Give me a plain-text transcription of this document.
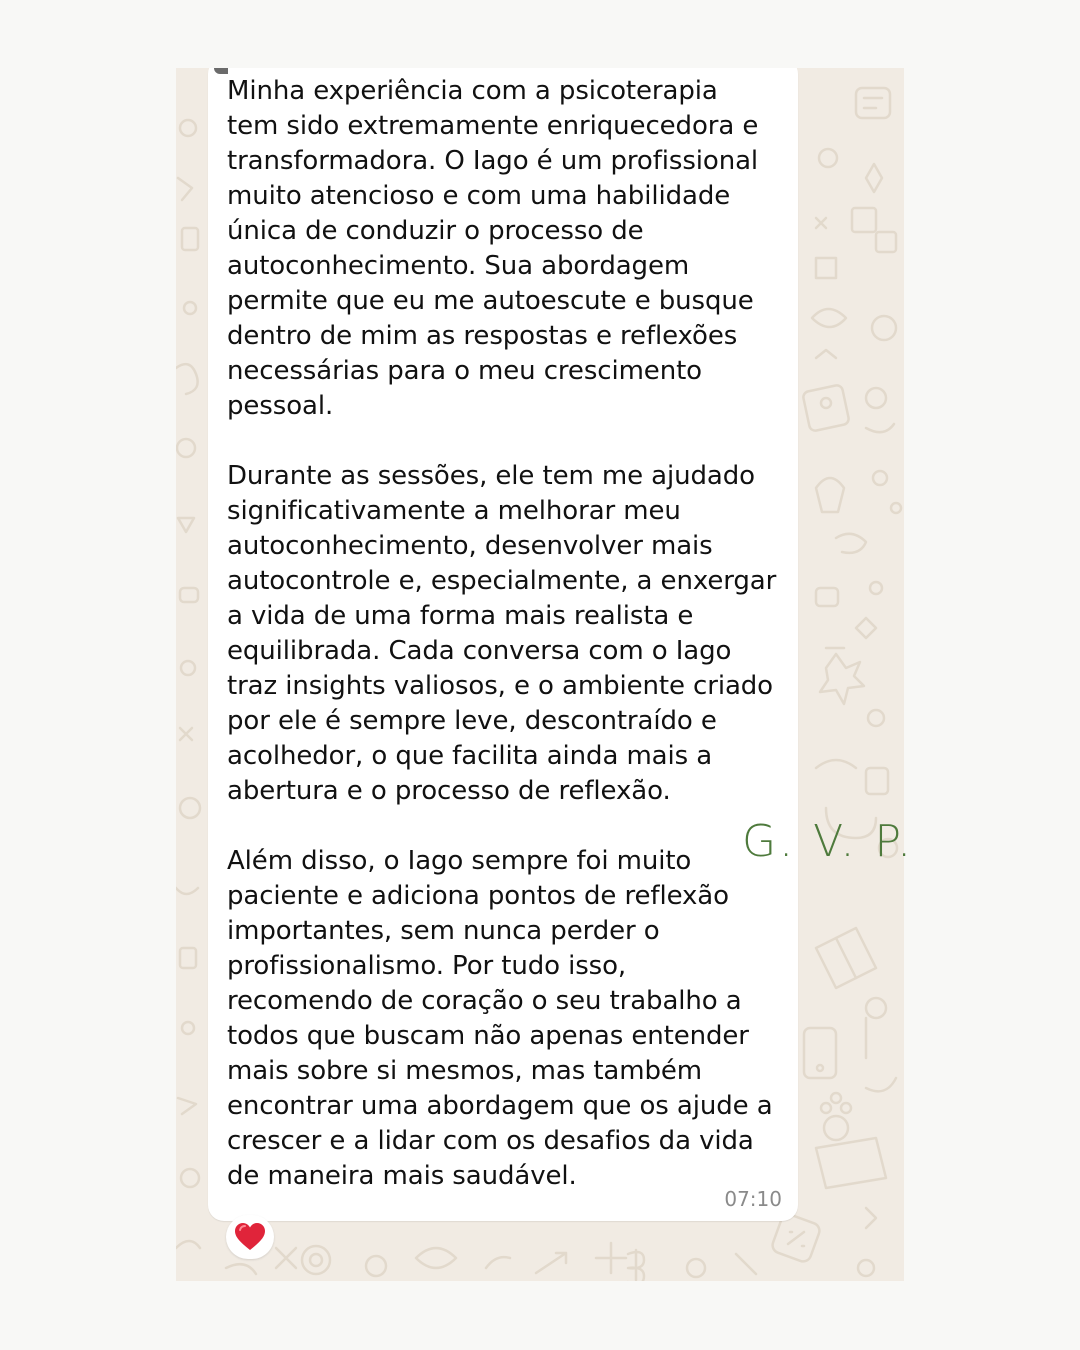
Minha experiência com a psicoterapia
tem sido extremamente enriquecedora e
transformadora. O Iago é um profissional
muito atencioso e com uma habilidade
única de conduzir o processo de
autoconhecimento. Sua abordagem
permite que eu me autoescute e busque
dentro de mim as respostas e reflexões
necessárias para o meu crescimento
pessoal.

Durante as sessões, ele tem me ajudado
significativamente a melhorar meu
autoconhecimento, desenvolver mais
autocontrole e, especialmente, a enxergar
a vida de uma forma mais realista e
equilibrada. Cada conversa com o Iago
traz insights valiosos, e o ambiente criado
por ele é sempre leve, descontraído e
acolhedor, o que facilita ainda mais a
abertura e o processo de reflexão.

Além disso, o Iago sempre foi muito
paciente e adiciona pontos de reflexão
importantes, sem nunca perder o
profissionalismo. Por tudo isso,
recomendo de coração o seu trabalho a
todos que buscam não apenas entender
mais sobre si mesmos, mas também
encontrar uma abordagem que os ajude a
crescer e a lidar com os desafios da vida
de maneira mais saudável.

07:10
G. V. P.
